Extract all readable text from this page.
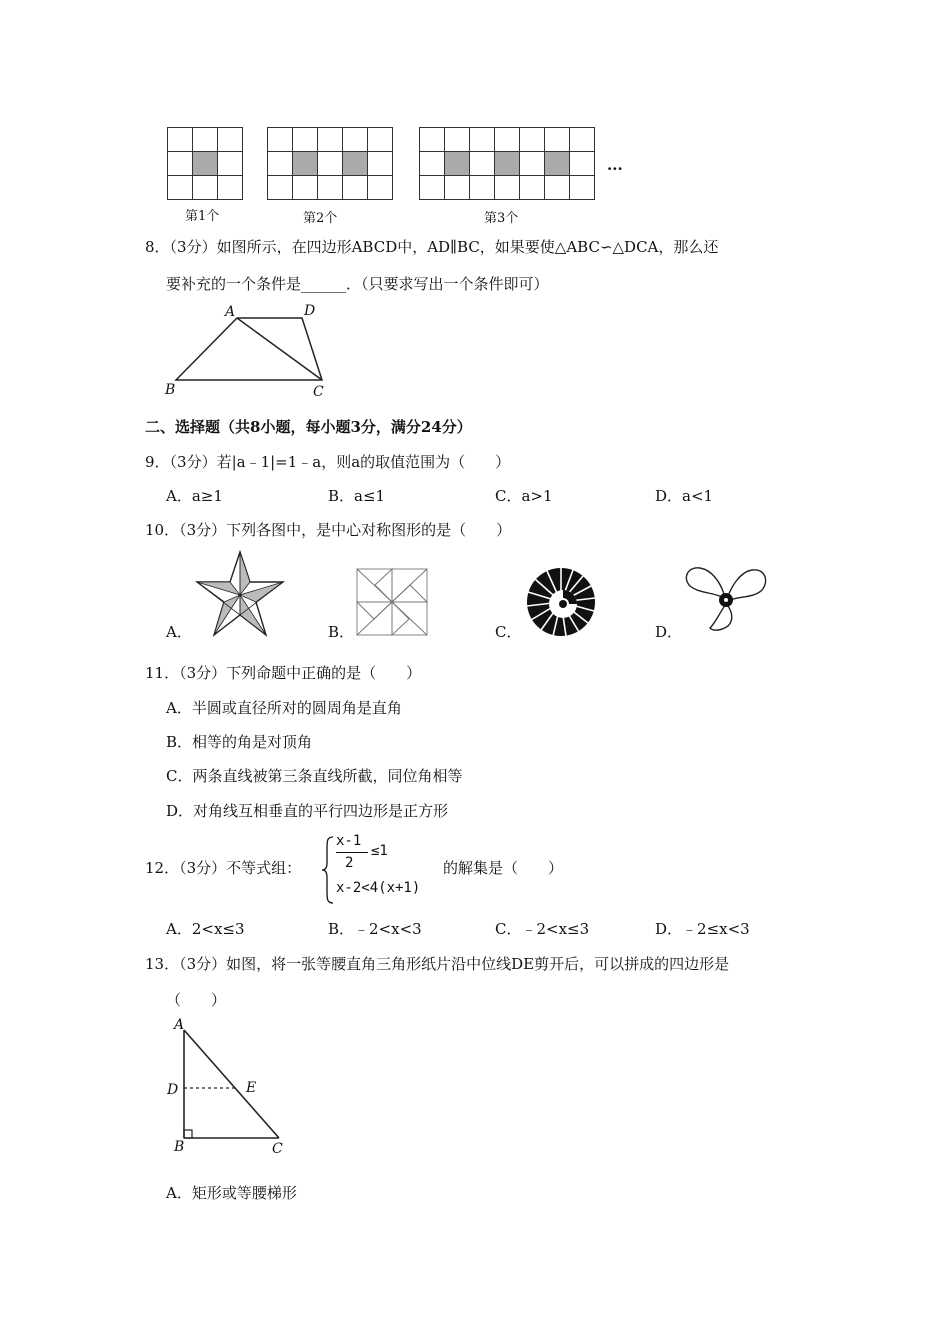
...
第1个	第2个	第3个
8．（3分）如图所示，在四边形ABCD中，AD∥BC，如果要使△ABC∽△DCA，那么还
要补充的一个条件是______．（只要求写出一个条件即可）
A	D
B	C
二、选择题（共8小题，每小题3分，满分24分）
9．（3分）若|a﹣1|=1﹣a，则a的取值范围为（　　）
A．a≥1	B．a≤1	C．a>1	D．a<1
10．（3分）下列各图中，是中心对称图形的是（　　）
A．	B．	C．	D．
11．（3分）下列命题中正确的是（　　）
A．半圆或直径所对的圆周角是直角
B．相等的角是对顶角
C．两条直线被第三条直线所截，同位角相等
D．对角线互相垂直的平行四边形是正方形
12．（3分）不等式组：
x-1
2
≤1
x-2<4(x+1)
的解集是（　　）
A．2<x≤3	B．﹣2<x<3	C．﹣2<x≤3	D．﹣2≤x<3
13．（3分）如图，将一张等腰直角三角形纸片沿中位线DE剪开后，可以拼成的四边形是
（　　）
A
D	E
B	C
A．矩形或等腰梯形
